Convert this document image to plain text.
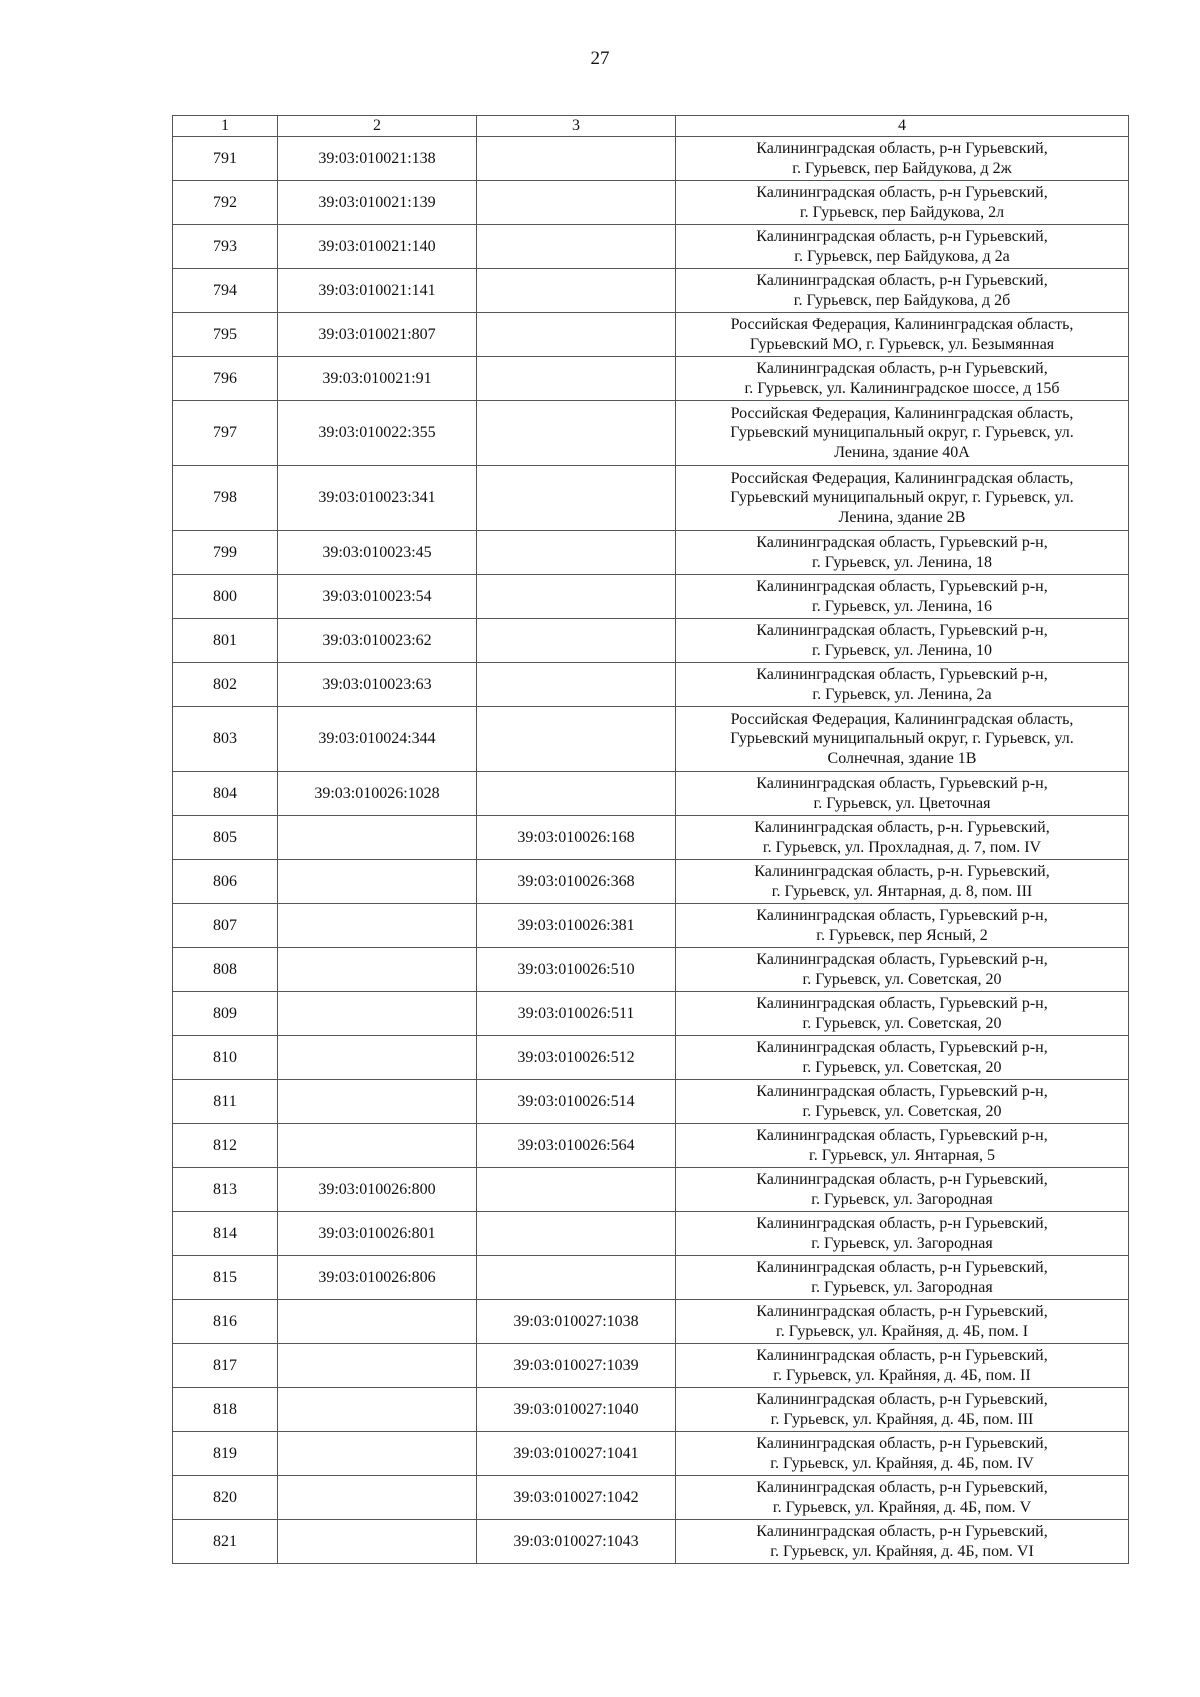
27
1	2	3	4
791	39:03:010021:138		Калининградская область, р-н Гурьевский,
г. Гурьевск, пер Байдукова, д 2ж
792	39:03:010021:139		Калининградская область, р-н Гурьевский,
г. Гурьевск, пер Байдукова, 2л
793	39:03:010021:140		Калининградская область, р-н Гурьевский,
г. Гурьевск, пер Байдукова, д 2а
794	39:03:010021:141		Калининградская область, р-н Гурьевский,
г. Гурьевск, пер Байдукова, д 2б
795	39:03:010021:807		Российская Федерация, Калининградская область,
Гурьевский МО, г. Гурьевск, ул. Безымянная
796	39:03:010021:91		Калининградская область, р-н Гурьевский,
г. Гурьевск, ул. Калининградское шоссе, д 15б
797	39:03:010022:355		Российская Федерация, Калининградская область,
Гурьевский муниципальный округ, г. Гурьевск, ул.
Ленина, здание 40А
798	39:03:010023:341		Российская Федерация, Калининградская область,
Гурьевский муниципальный округ, г. Гурьевск, ул.
Ленина, здание 2В
799	39:03:010023:45		Калининградская область, Гурьевский р-н,
г. Гурьевск, ул. Ленина, 18
800	39:03:010023:54		Калининградская область, Гурьевский р-н,
г. Гурьевск, ул. Ленина, 16
801	39:03:010023:62		Калининградская область, Гурьевский р-н,
г. Гурьевск, ул. Ленина, 10
802	39:03:010023:63		Калининградская область, Гурьевский р-н,
г. Гурьевск, ул. Ленина, 2а
803	39:03:010024:344		Российская Федерация, Калининградская область,
Гурьевский муниципальный округ, г. Гурьевск, ул.
Солнечная, здание 1В
804	39:03:010026:1028		Калининградская область, Гурьевский р-н,
г. Гурьевск, ул. Цветочная
805		39:03:010026:168	Калининградская область, р-н. Гурьевский,
г. Гурьевск, ул. Прохладная, д. 7, пом. IV
806		39:03:010026:368	Калининградская область, р-н. Гурьевский,
г. Гурьевск, ул. Янтарная, д. 8, пом. III
807		39:03:010026:381	Калининградская область, Гурьевский р-н,
г. Гурьевск, пер Ясный, 2
808		39:03:010026:510	Калининградская область, Гурьевский р-н,
г. Гурьевск, ул. Советская, 20
809		39:03:010026:511	Калининградская область, Гурьевский р-н,
г. Гурьевск, ул. Советская, 20
810		39:03:010026:512	Калининградская область, Гурьевский р-н,
г. Гурьевск, ул. Советская, 20
811		39:03:010026:514	Калининградская область, Гурьевский р-н,
г. Гурьевск, ул. Советская, 20
812		39:03:010026:564	Калининградская область, Гурьевский р-н,
г. Гурьевск, ул. Янтарная, 5
813	39:03:010026:800		Калининградская область, р-н Гурьевский,
г. Гурьевск, ул. Загородная
814	39:03:010026:801		Калининградская область, р-н Гурьевский,
г. Гурьевск, ул. Загородная
815	39:03:010026:806		Калининградская область, р-н Гурьевский,
г. Гурьевск, ул. Загородная
816		39:03:010027:1038	Калининградская область, р-н Гурьевский,
г. Гурьевск, ул. Крайняя, д. 4Б, пом. I
817		39:03:010027:1039	Калининградская область, р-н Гурьевский,
г. Гурьевск, ул. Крайняя, д. 4Б, пом. II
818		39:03:010027:1040	Калининградская область, р-н Гурьевский,
г. Гурьевск, ул. Крайняя, д. 4Б, пом. III
819		39:03:010027:1041	Калининградская область, р-н Гурьевский,
г. Гурьевск, ул. Крайняя, д. 4Б, пом. IV
820		39:03:010027:1042	Калининградская область, р-н Гурьевский,
г. Гурьевск, ул. Крайняя, д. 4Б, пом. V
821		39:03:010027:1043	Калининградская область, р-н Гурьевский,
г. Гурьевск, ул. Крайняя, д. 4Б, пом. VI
